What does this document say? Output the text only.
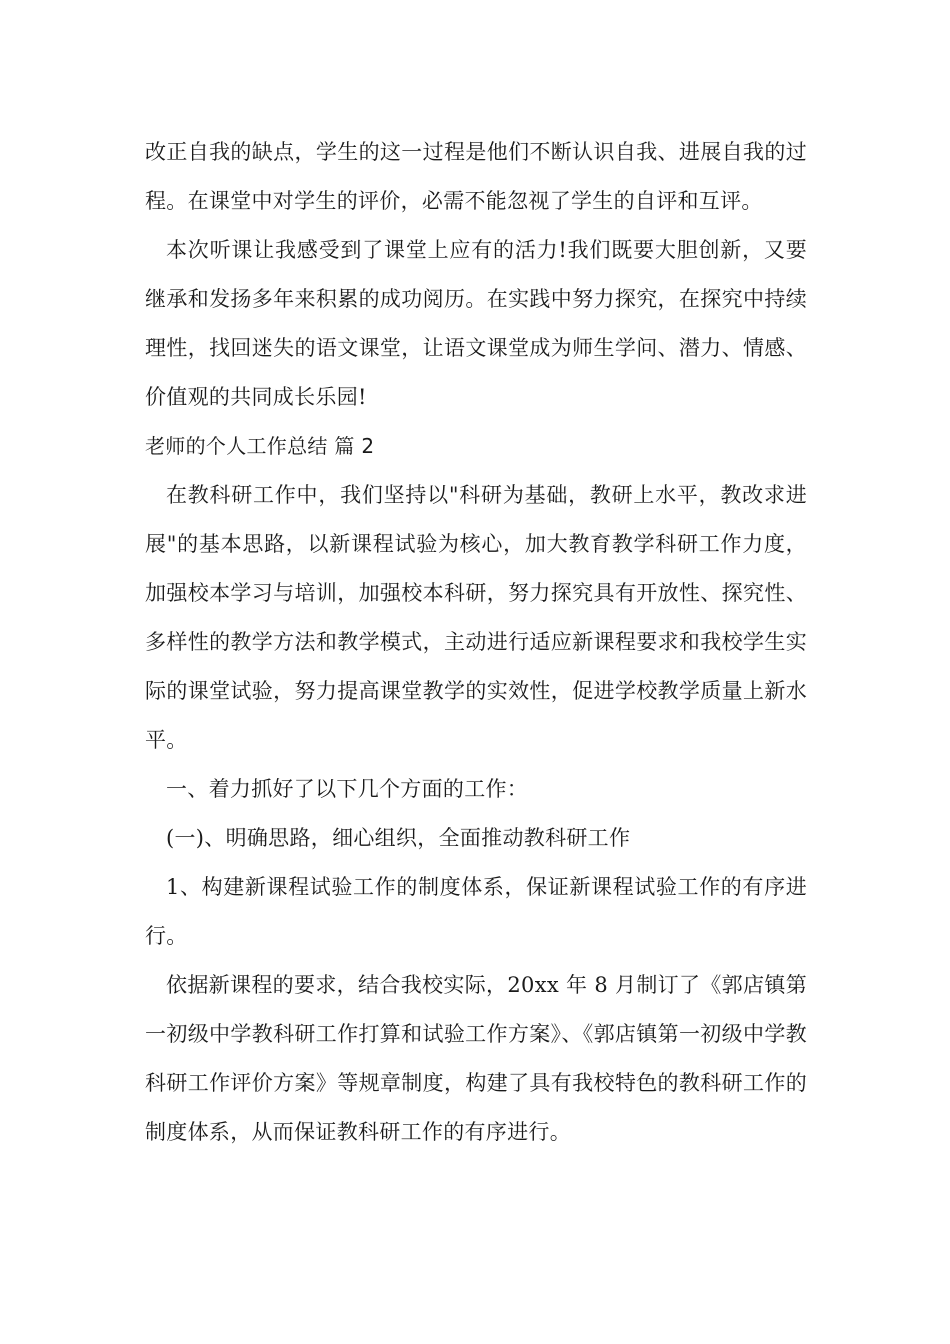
改正自我的缺点，学生的这一过程是他们不断认识自我、进展自我的过程。在课堂中对学生的评价，必需不能忽视了学生的自评和互评。

本次听课让我感受到了课堂上应有的活力!我们既要大胆创新，又要继承和发扬多年来积累的成功阅历。在实践中努力探究，在探究中持续理性，找回迷失的语文课堂，让语文课堂成为师生学问、潜力、情感、价值观的共同成长乐园!

老师的个人工作总结 篇 2

在教科研工作中，我们坚持以"科研为基础，教研上水平，教改求进展"的基本思路，以新课程试验为核心，加大教育教学科研工作力度，加强校本学习与培训，加强校本科研，努力探究具有开放性、探究性、多样性的教学方法和教学模式，主动进行适应新课程要求和我校学生实际的课堂试验，努力提高课堂教学的实效性，促进学校教学质量上新水平。

一、着力抓好了以下几个方面的工作：

(一)、明确思路，细心组织，全面推动教科研工作

1、构建新课程试验工作的制度体系，保证新课程试验工作的有序进行。

依据新课程的要求，结合我校实际，20xx 年 8 月制订了《郭店镇第一初级中学教科研工作打算和试验工作方案》、《郭店镇第一初级中学教科研工作评价方案》等规章制度，构建了具有我校特色的教科研工作的制度体系，从而保证教科研工作的有序进行。
